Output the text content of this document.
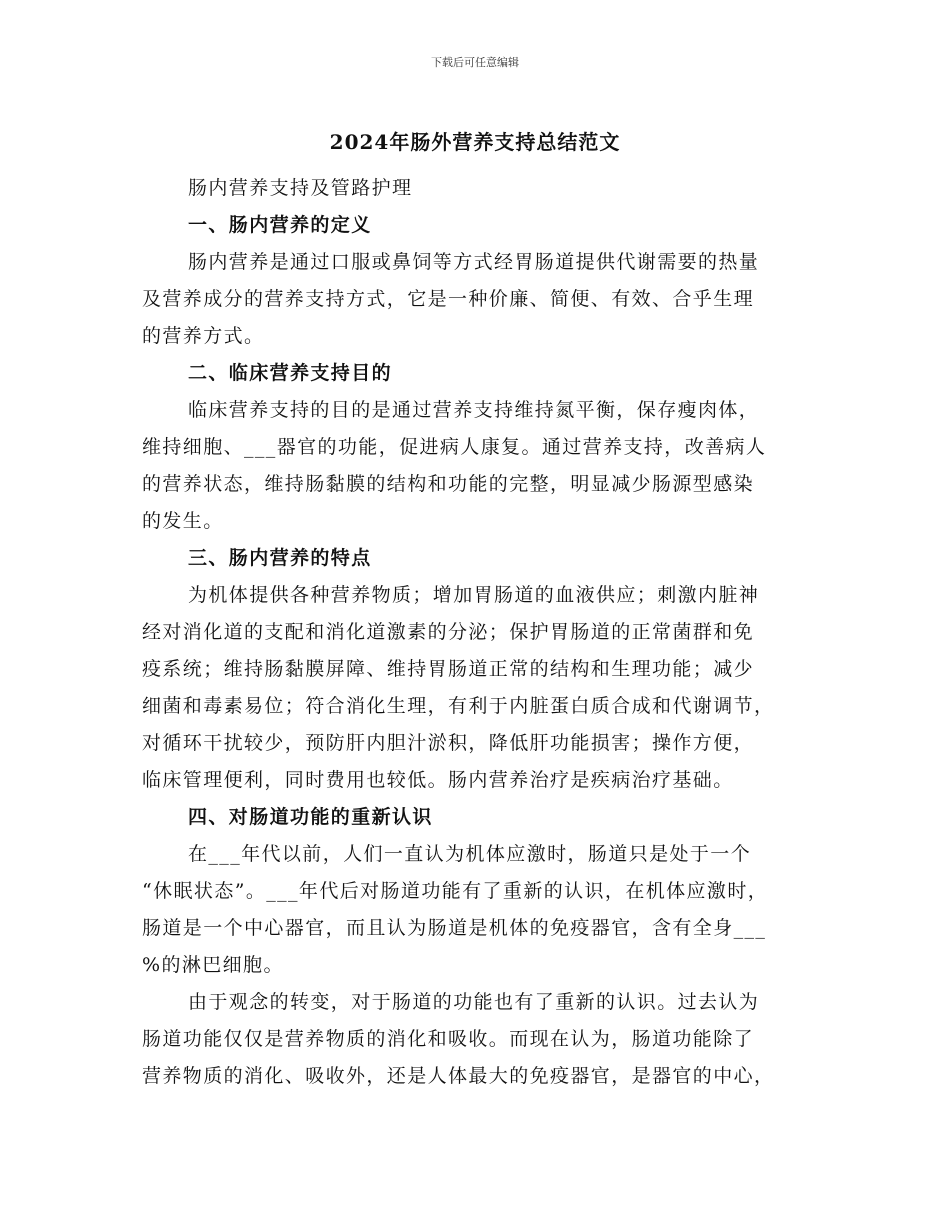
下载后可任意编辑
2024年肠外营养支持总结范文

肠内营养支持及管路护理

一、肠内营养的定义

肠内营养是通过口服或鼻饲等方式经胃肠道提供代谢需要的热量

及营养成分的营养支持方式，它是一种价廉、简便、有效、合乎生理

的营养方式。

二、临床营养支持目的

临床营养支持的目的是通过营养支持维持氮平衡，保存瘦肉体，

维持细胞、___器官的功能，促进病人康复。通过营养支持，改善病人

的营养状态，维持肠黏膜的结构和功能的完整，明显减少肠源型感染

的发生。

三、肠内营养的特点

为机体提供各种营养物质；增加胃肠道的血液供应；刺激内脏神

经对消化道的支配和消化道激素的分泌；保护胃肠道的正常菌群和免

疫系统；维持肠黏膜屏障、维持胃肠道正常的结构和生理功能；减少

细菌和毒素易位；符合消化生理，有利于内脏蛋白质合成和代谢调节，

对循环干扰较少，预防肝内胆汁淤积，降低肝功能损害；操作方便，

临床管理便利，同时费用也较低。肠内营养治疗是疾病治疗基础。

四、对肠道功能的重新认识

在___年代以前，人们一直认为机体应激时，肠道只是处于一个

“休眠状态”。___年代后对肠道功能有了重新的认识，在机体应激时，

肠道是一个中心器官，而且认为肠道是机体的免疫器官，含有全身___

%的淋巴细胞。

由于观念的转变，对于肠道的功能也有了重新的认识。过去认为

肠道功能仅仅是营养物质的消化和吸收。而现在认为，肠道功能除了

营养物质的消化、吸收外，还是人体最大的免疫器官，是器官的中心，
